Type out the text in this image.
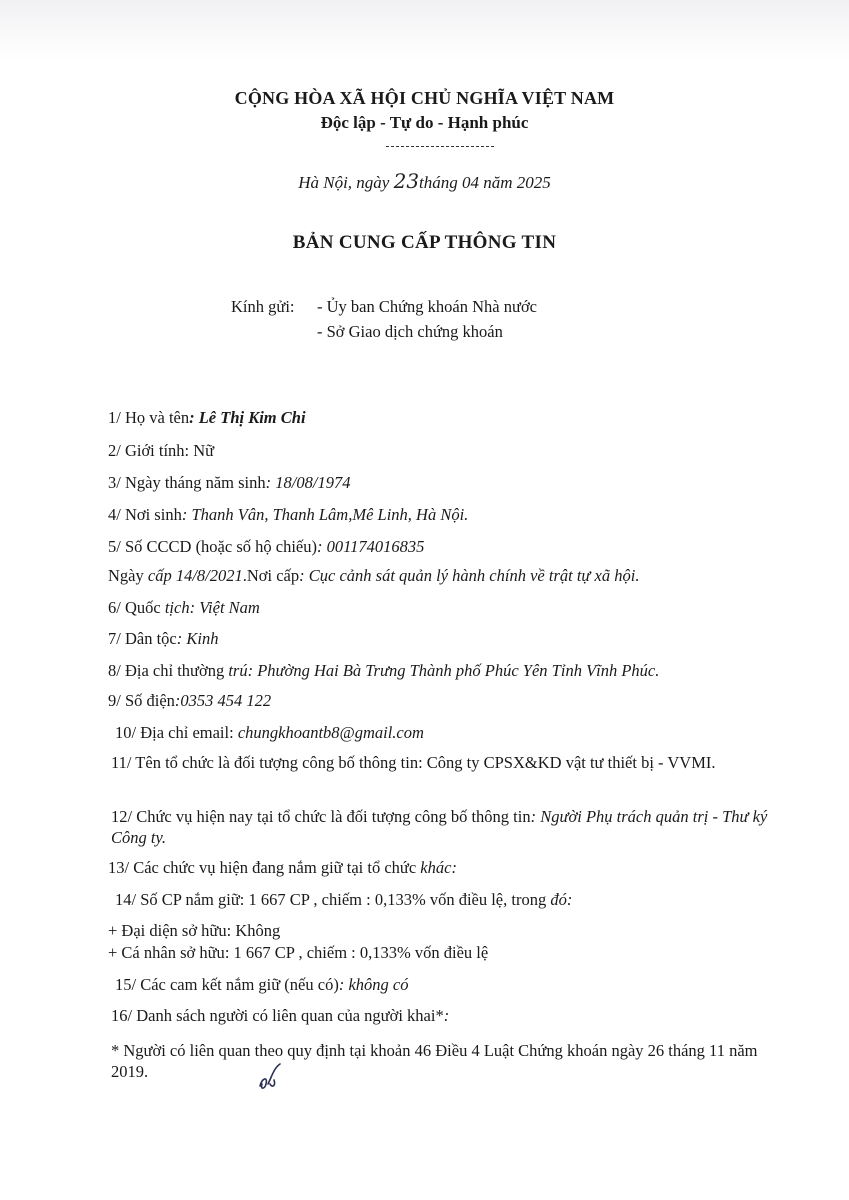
CỘNG HÒA XÃ HỘI CHỦ NGHĨA VIỆT NAM
Độc lập - Tự do - Hạnh phúc
Hà Nội, ngày 23tháng 04 năm 2025
BẢN CUNG CẤP THÔNG TIN
Kính gửi: - Ủy ban Chứng khoán Nhà nước
- Sở Giao dịch chứng khoán
1/ Họ và tên: Lê Thị Kim Chi
2/ Giới tính: Nữ
3/ Ngày tháng năm sinh: 18/08/1974
4/ Nơi sinh: Thanh Vân, Thanh Lâm,Mê Linh, Hà Nội.
5/ Số CCCD (hoặc số hộ chiếu): 001174016835
Ngày cấp 14/8/2021.Nơi cấp: Cục cảnh sát quản lý hành chính về trật tự xã hội.
6/ Quốc tịch: Việt Nam
7/ Dân tộc: Kinh
8/ Địa chỉ thường trú: Phường Hai Bà Trưng Thành phố Phúc Yên Tỉnh Vĩnh Phúc.
9/ Số điện:0353 454 122
10/ Địa chỉ email: chungkhoantb8@gmail.com
11/ Tên tổ chức là đối tượng công bố thông tin: Công ty CPSX&KD vật tư thiết bị - VVMI.
12/ Chức vụ hiện nay tại tổ chức là đối tượng công bố thông tin: Người Phụ trách quản trị - Thư ký Công ty.
13/ Các chức vụ hiện đang nắm giữ tại tổ chức khác:
14/ Số CP nắm giữ: 1 667 CP , chiếm : 0,133% vốn điều lệ, trong đó:
+ Đại diện sở hữu: Không
+ Cá nhân sở hữu: 1 667 CP , chiếm : 0,133% vốn điều lệ
15/ Các cam kết nắm giữ (nếu có): không có
16/ Danh sách người có liên quan của người khai*:
* Người có liên quan theo quy định tại khoản 46 Điều 4 Luật Chứng khoán ngày 26 tháng 11 năm 2019.
